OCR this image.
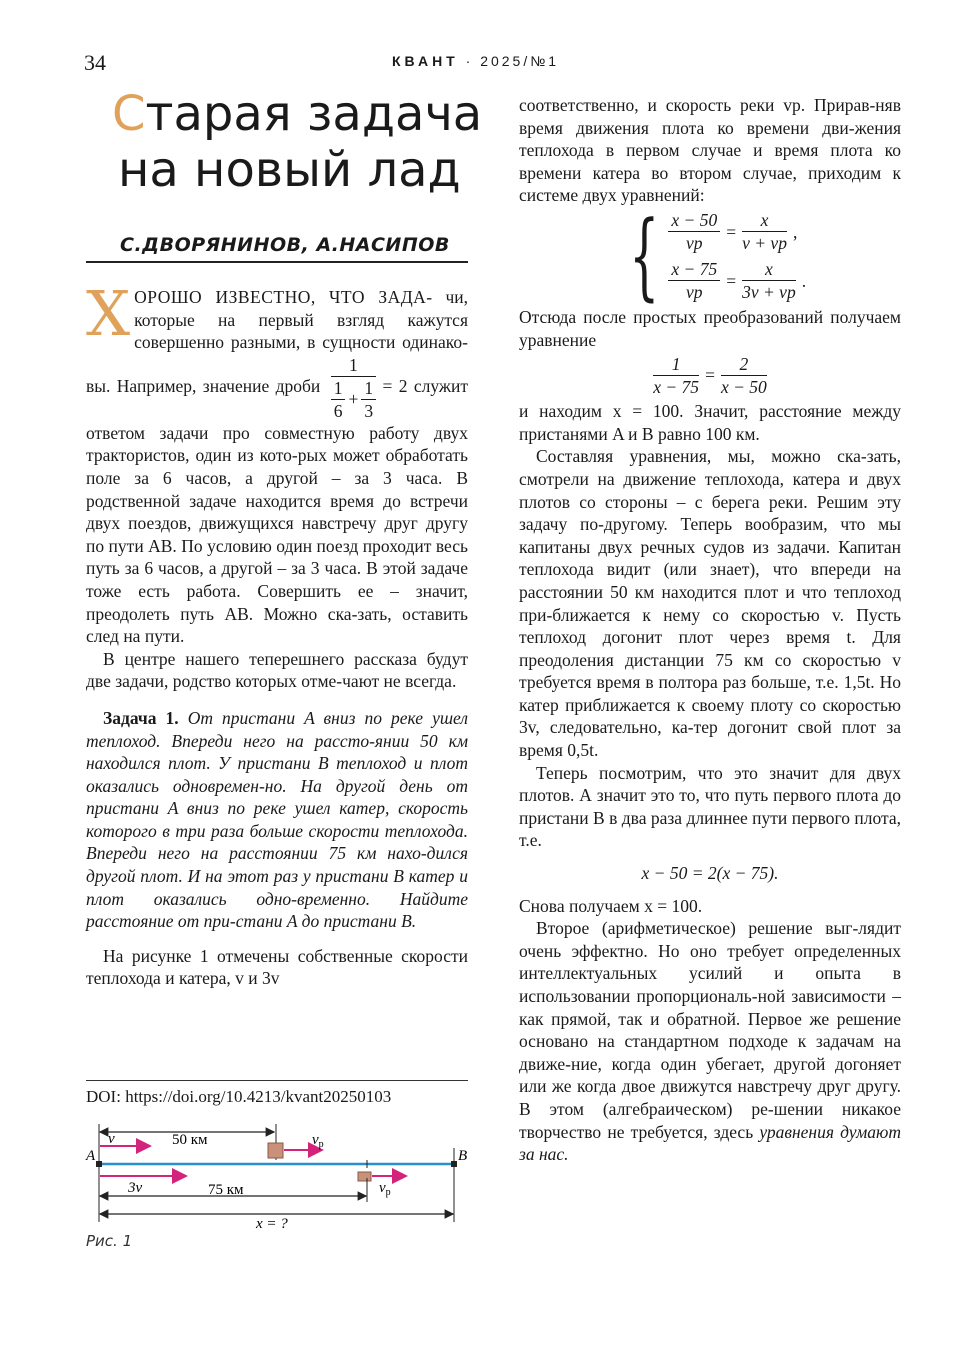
34	КВАНТ · 2025/№1
Старая задача
на новый лад
С.ДВОРЯНИНОВ, А.НАСИПОВ

ХОРОШО ИЗВЕСТНО, ЧТО ЗАДА- чи, которые на первый взгляд кажутся совершенно разными, в сущности одинако-вы. Например, значение дроби $\frac{1}{\frac{1}{6} + \frac{1}{3}} = 2$ служит ответом задачи про совместную работу двух трактористов, один из кото-рых может обработать поле за 6 часов, а другой – за 3 часа. В родственной задаче находится время до встречи двух поездов, движущихся навстречу друг другу по пути AB. По условию один поезд проходит весь путь за 6 часов, а другой – за 3 часа. В этой задаче тоже есть работа. Совершить ее – значит, преодолеть путь AB. Можно ска-зать, оставить след на пути.

В центре нашего теперешнего рассказа будут две задачи, родство которых отме-чают не всегда.

Задача 1. От пристани A вниз по реке ушел теплоход. Впереди него на рассто-янии 50 км находился плот. У пристани B теплоход и плот оказались одновремен-но. На другой день от пристани A вниз по реке ушел катер, скорость которого в три раза больше скорости теплохода. Впереди него на расстоянии 75 км нахо-дился другой плот. И на этот раз у пристани B катер и плот оказались одно-временно. Найдите расстояние от при-стани A до пристани B.

На рисунке 1 отмечены собственные скорости теплохода и катера, v и 3v

DOI: https://doi.org/10.4213/kvant20250103
50 км
v	$v_p$
A	B
3v	$v_p$
75 км
x = ?
Рис. 1

соответственно, и скорость реки vp. Прирав-няв время движения плота ко времени дви-жения теплохода в первом случае и время плота ко времени катера во втором случае, приходим к системе двух уравнений:

{ $\frac{x - 50}{vp} = \frac{x}{v + vp}$ ,
$\frac{x - 75}{vp} = \frac{x}{3v + vp}$ .

Отсюда после простых преобразований получаем уравнение

$\frac{1}{x - 75} = \frac{2}{x - 50}$

и находим x = 100. Значит, расстояние между пристанями A и B равно 100 км.

Составляя уравнения, мы, можно ска-зать, смотрели на движение теплохода, катера и двух плотов со стороны – с берега реки. Решим эту задачу по-другому. Теперь вообразим, что мы капитаны двух речных судов из задачи. Капитан теплохода видит (или знает), что впереди на расстоянии 50 км находится плот и что теплоход при-ближается к нему со скоростью v. Пусть теплоход догонит плот через время t. Для преодоления дистанции 75 км со скоростью v требуется время в полтора раз больше, т.е. 1,5t. Но катер приближается к своему плоту со скоростью 3v, следовательно, ка-тер догонит свой плот за время 0,5t.

Теперь посмотрим, что это значит для двух плотов. А значит это то, что путь первого плота до пристани B в два раза длиннее пути первого плота, т.е.

x − 50 = 2(x − 75).

Снова получаем x = 100.

Второе (арифметическое) решение выг-лядит очень эффектно. Но оно требует определенных интеллектуальных усилий и опыта в использовании пропорциональ-ной зависимости – как прямой, так и обратной. Первое же решение основано на стандартном подходе к задачам на движе-ние, когда один убегает, другой догоняет или же когда двое движутся навстречу друг другу. В этом (алгебраическом) ре-шении никакое творчество не требуется, здесь уравнения думают за нас.
